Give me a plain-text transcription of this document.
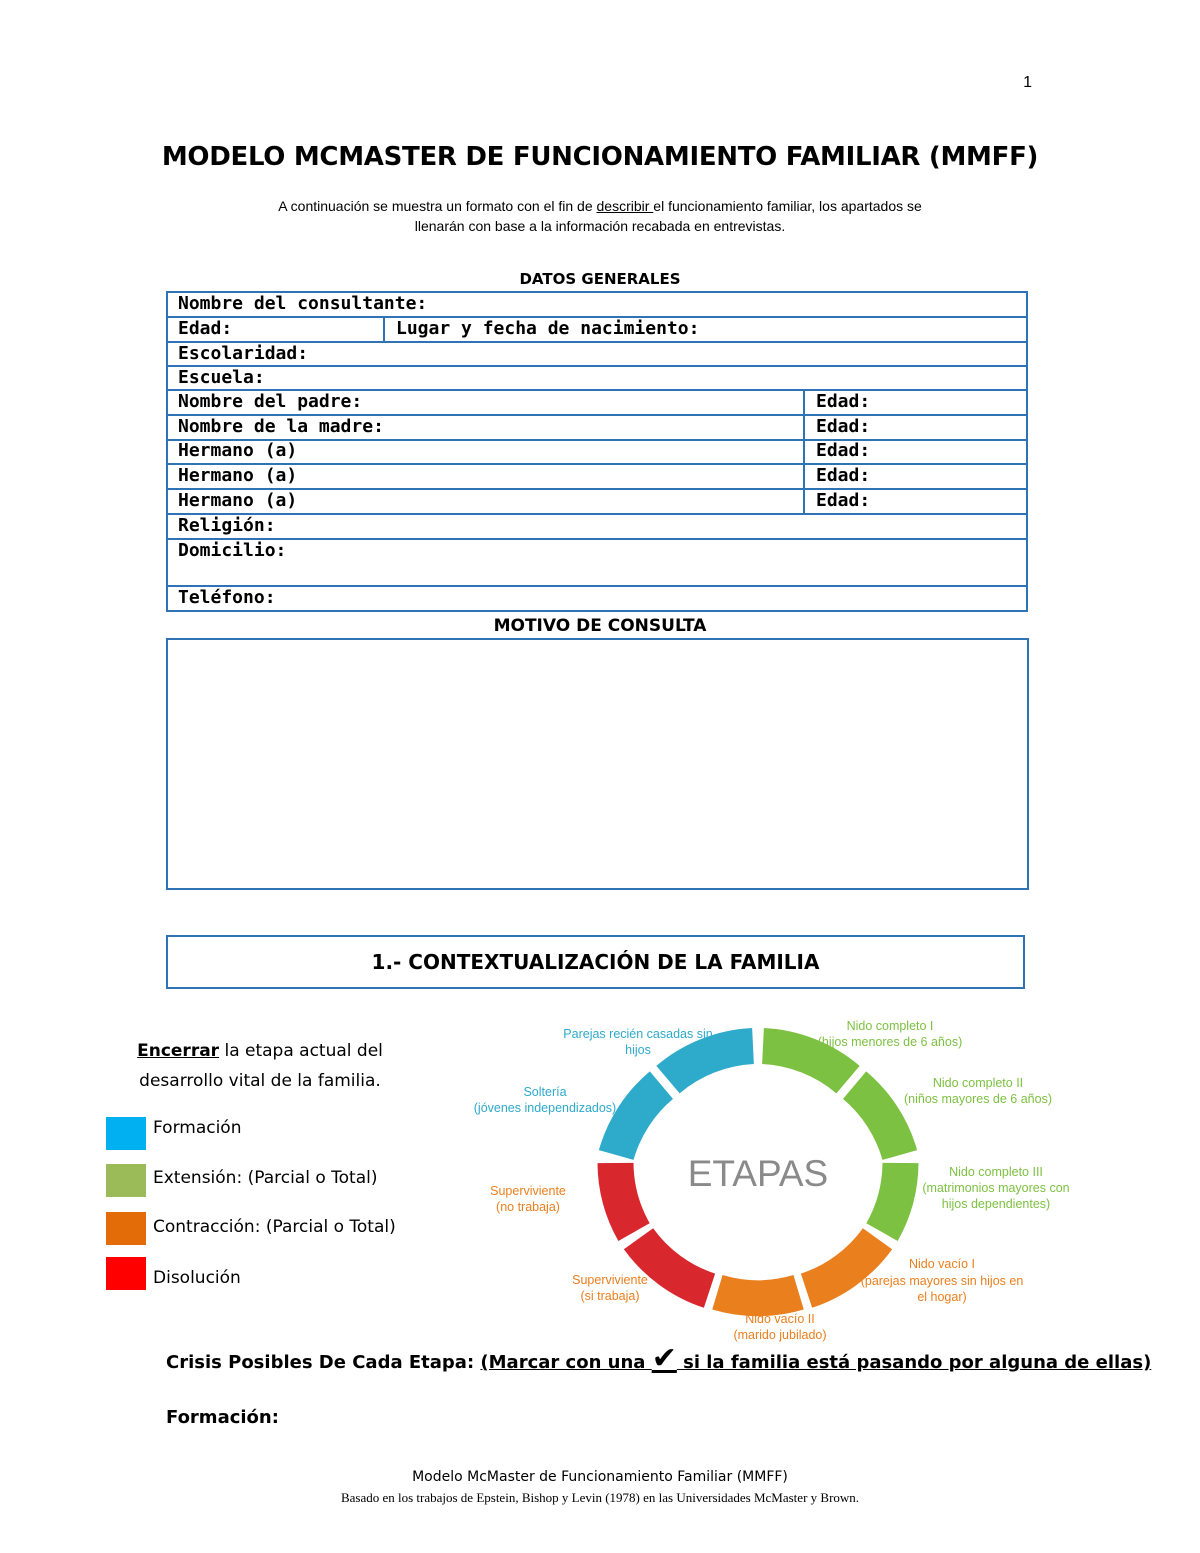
1
MODELO MCMASTER DE FUNCIONAMIENTO FAMILIAR (MMFF)
A continuación se muestra un formato con el fin de describir el funcionamiento familiar, los apartados se
llenarán con base a la información recabada en entrevistas.
DATOS GENERALES
Nombre del consultante:
Edad:	Lugar y fecha de nacimiento:
Escolaridad:
Escuela:
Nombre del padre:	Edad:
Nombre de la madre:	Edad:
Hermano (a)	Edad:
Hermano (a)	Edad:
Hermano (a)	Edad:
Religión:
Domicilio:
Teléfono:
MOTIVO DE CONSULTA
1.- CONTEXTUALIZACIÓN DE LA FAMILIA
Encerrar la etapa actual del
desarrollo vital de la familia.
Formación
Extensión: (Parcial o Total)
Contracción: (Parcial o Total)
Disolución
ETAPAS
Parejas recién casadas sin
hijos
Nido completo I
(hijos menores de 6 años)
Nido completo II
(niños mayores de 6 años)
Nido completo III
(matrimonios mayores con
hijos dependientes)
Nido vacío I
(parejas mayores sin hijos en
el hogar)
Nido vacío II
(marido jubilado)
Superviviente
(si trabaja)
Superviviente
(no trabaja)
Soltería
(jóvenes independizados)
Crisis Posibles De Cada Etapa: (Marcar con una ✔ si la familia está pasando por alguna de ellas)
Formación:
Modelo McMaster de Funcionamiento Familiar (MMFF)
Basado en los trabajos de Epstein, Bishop y Levin (1978) en las Universidades McMaster y Brown.
